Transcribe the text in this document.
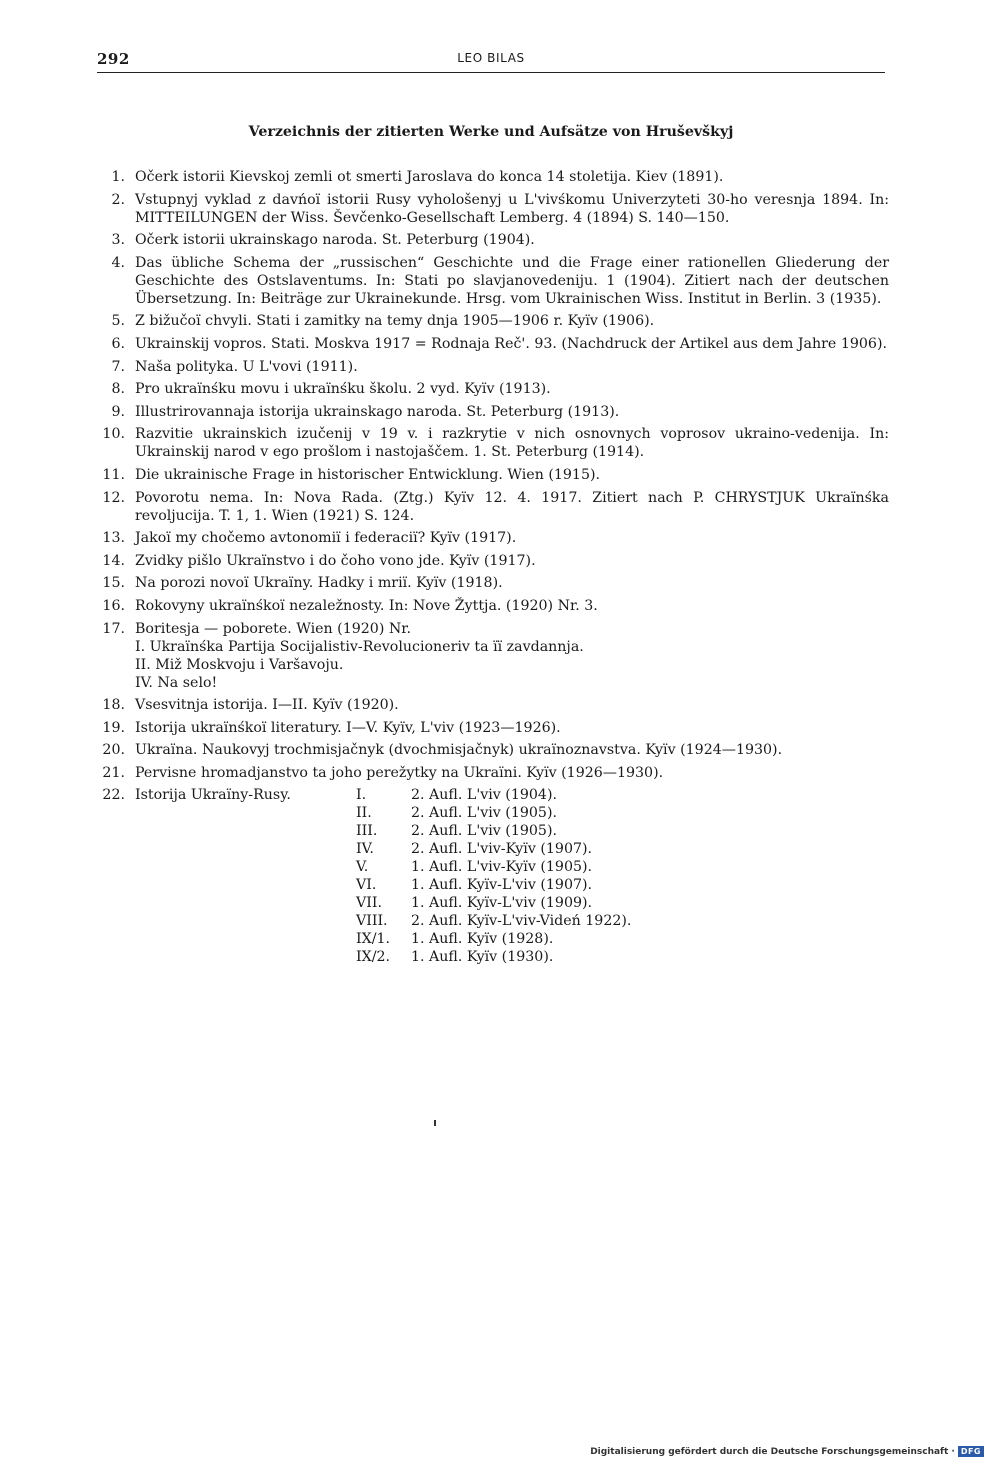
292	LEO BILAS
Verzeichnis der zitierten Werke und Aufsätze von Hruševškyj
1. Očerk istorii Kievskoj zemli ot smerti Jaroslava do konca 14 stoletija. Kiev (1891).
2. Vstupnyj vyklad z davńoï istorii Rusy vyhološenyj u L'vivśkomu Univerzyteti 30-ho veresnja 1894. In: MITTEILUNGEN der Wiss. Ševčenko-Gesellschaft Lemberg. 4 (1894) S. 140—150.
3. Očerk istorii ukrainskago naroda. St. Peterburg (1904).
4. Das übliche Schema der „russischen“ Geschichte und die Frage einer rationellen Gliederung der Geschichte des Ostslaventums. In: Stati po slavjanovedeniju. 1 (1904). Zitiert nach der deutschen Übersetzung. In: Beiträge zur Ukrainekunde. Hrsg. vom Ukrainischen Wiss. Institut in Berlin. 3 (1935).
5. Z bižučoï chvyli. Stati i zamitky na temy dnja 1905—1906 r. Kyïv (1906).
6. Ukrainskij vopros. Stati. Moskva 1917 = Rodnaja Reč'. 93. (Nachdruck der Artikel aus dem Jahre 1906).
7. Naša polityka. U L'vovi (1911).
8. Pro ukraïnśku movu i ukraïnśku školu. 2 vyd. Kyïv (1913).
9. Illustrirovannaja istorija ukrainskago naroda. St. Peterburg (1913).
10. Razvitie ukrainskich izučenij v 19 v. i razkrytie v nich osnovnych voprosov ukraino-vedenija. In: Ukrainskij narod v ego prošlom i nastojaščem. 1. St. Peterburg (1914).
11. Die ukrainische Frage in historischer Entwicklung. Wien (1915).
12. Povorotu nema. In: Nova Rada. (Ztg.) Kyïv 12. 4. 1917. Zitiert nach P. CHRYSTJUK Ukraïnśka revoljucija. T. 1, 1. Wien (1921) S. 124.
13. Jakoï my chočemo avtonomiï i federaciï? Kyïv (1917).
14. Zvidky pišlo Ukraïnstvo i do čoho vono jde. Kyïv (1917).
15. Na porozi novoï Ukraïny. Hadky i mriï. Kyïv (1918).
16. Rokovyny ukraïnśkoï nezaležnosty. In: Nove Žyttja. (1920) Nr. 3.
17. Boritesja — poborete. Wien (1920) Nr.
I. Ukraïnśka Partija Socijalistiv-Revolucioneriv ta ïï zavdannja.
II. Miž Moskvoju i Varšavoju.
IV. Na selo!
18. Vsesvitnja istorija. I—II. Kyïv (1920).
19. Istorija ukraïnśkoï literatury. I—V. Kyïv, L'viv (1923—1926).
20. Ukraïna. Naukovyj trochmisjačnyk (dvochmisjačnyk) ukraïnoznavstva. Kyïv (1924—1930).
21. Pervisne hromadjanstvo ta joho perežytky na Ukraïni. Kyïv (1926—1930).
22. Istorija Ukraïny-Rusy.	I.	2. Aufl. L'viv (1904).
	II.	2. Aufl. L'viv (1905).
	III.	2. Aufl. L'viv (1905).
	IV.	2. Aufl. L'viv-Kyïv (1907).
	V.	1. Aufl. L'viv-Kyïv (1905).
	VI.	1. Aufl. Kyïv-L'viv (1907).
	VII.	1. Aufl. Kyïv-L'viv (1909).
	VIII.	2. Aufl. Kyïv-L'viv-Videń 1922).
	IX/1.	1. Aufl. Kyïv (1928).
	IX/2.	1. Aufl. Kyïv (1930).
Digitalisierung gefördert durch die Deutsche Forschungsgemeinschaft · DFG
